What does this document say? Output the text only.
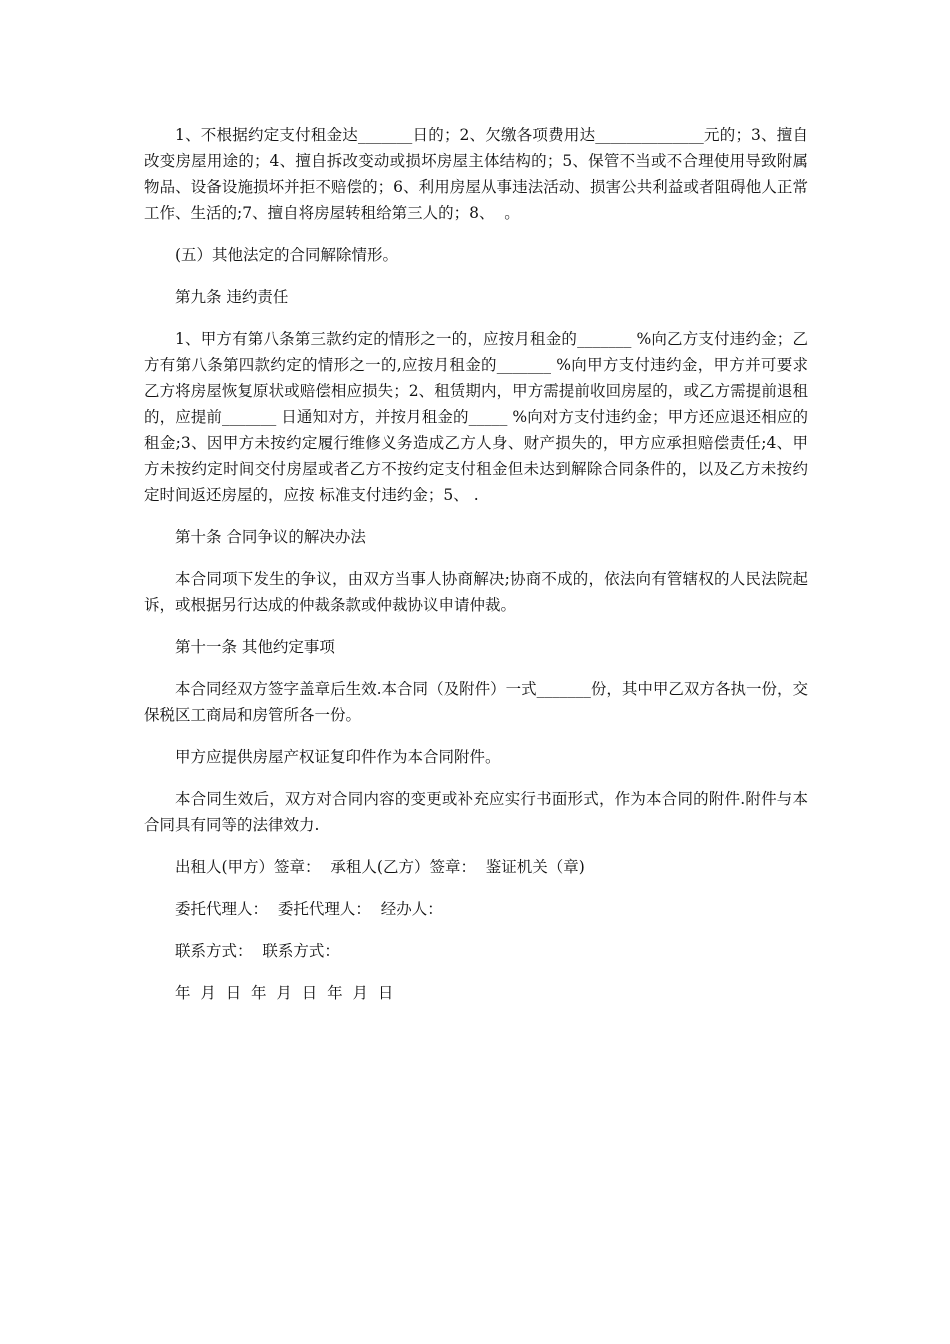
1、不根据约定支付租金达_______日的；2、欠缴各项费用达______________元的；3、擅自改变房屋用途的；4、擅自拆改变动或损坏房屋主体结构的；5、保管不当或不合理使用导致附属物品、设备设施损坏并拒不赔偿的；6、利用房屋从事违法活动、损害公共利益或者阻碍他人正常工作、生活的;7、擅自将房屋转租给第三人的；8、  。

(五）其他法定的合同解除情形。

第九条 违约责任

1、甲方有第八条第三款约定的情形之一的，应按月租金的_______ %向乙方支付违约金；乙方有第八条第四款约定的情形之一的,应按月租金的_______ %向甲方支付违约金，甲方并可要求乙方将房屋恢复原状或赔偿相应损失；2、租赁期内，甲方需提前收回房屋的，或乙方需提前退租的，应提前_______ 日通知对方，并按月租金的_____ %向对方支付违约金；甲方还应退还相应的租金;3、因甲方未按约定履行维修义务造成乙方人身、财产损失的，甲方应承担赔偿责任;4、甲方未按约定时间交付房屋或者乙方不按约定支付租金但未达到解除合同条件的，以及乙方未按约定时间返还房屋的，应按 标准支付违约金；5、 .

第十条 合同争议的解决办法

本合同项下发生的争议，由双方当事人协商解决;协商不成的，依法向有管辖权的人民法院起诉，或根据另行达成的仲裁条款或仲裁协议申请仲裁。

第十一条 其他约定事项

本合同经双方签字盖章后生效.本合同（及附件）一式_______份，其中甲乙双方各执一份，交保税区工商局和房管所各一份。

甲方应提供房屋产权证复印件作为本合同附件。

本合同生效后，双方对合同内容的变更或补充应实行书面形式，作为本合同的附件.附件与本合同具有同等的法律效力.

出租人(甲方）签章：  承租人(乙方）签章：  鉴证机关（章)

委托代理人：  委托代理人：  经办人：

联系方式：  联系方式：

年  月  日  年  月  日  年  月  日
